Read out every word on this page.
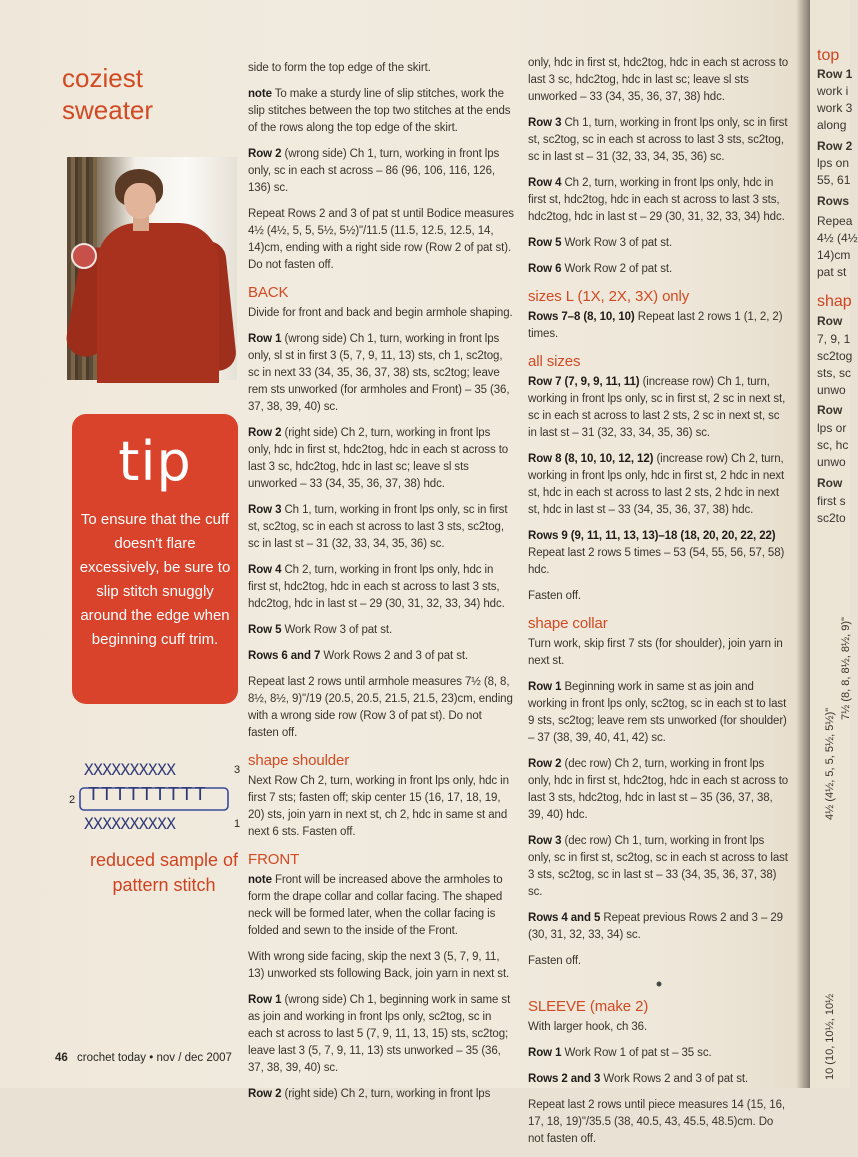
coziest
sweater
tip
To ensure that the cuff doesn't flare excessively, be sure to slip stitch snuggly around the edge when beginning cuff trim.
XXXXXXXXXX
TTTTTTTTT
XXXXXXXXXX
3
2
1
reduced sample of pattern stitch

side to form the top edge of the skirt.

note To make a sturdy line of slip stitches, work the slip stitches between the top two stitches at the ends of the rows along the top edge of the skirt.

Row 2 (wrong side) Ch 1, turn, working in front lps only, sc in each st across – 86 (96, 106, 116, 126, 136) sc.

Repeat Rows 2 and 3 of pat st until Bodice measures 4½ (4½, 5, 5, 5½, 5½)"/11.5 (11.5, 12.5, 12.5, 14, 14)cm, ending with a right side row (Row 2 of pat st). Do not fasten off.

BACK

Divide for front and back and begin armhole shaping.

Row 1 (wrong side) Ch 1, turn, working in front lps only, sl st in first 3 (5, 7, 9, 11, 13) sts, ch 1, sc2tog, sc in next 33 (34, 35, 36, 37, 38) sts, sc2tog; leave rem sts unworked (for armholes and Front) – 35 (36, 37, 38, 39, 40) sc.

Row 2 (right side) Ch 2, turn, working in front lps only, hdc in first st, hdc2tog, hdc in each st across to last 3 sc, hdc2tog, hdc in last sc; leave sl sts unworked – 33 (34, 35, 36, 37, 38) hdc.

Row 3 Ch 1, turn, working in front lps only, sc in first st, sc2tog, sc in each st across to last 3 sts, sc2tog, sc in last st – 31 (32, 33, 34, 35, 36) sc.

Row 4 Ch 2, turn, working in front lps only, hdc in first st, hdc2tog, hdc in each st across to last 3 sts, hdc2tog, hdc in last st – 29 (30, 31, 32, 33, 34) hdc.

Row 5 Work Row 3 of pat st.

Rows 6 and 7 Work Rows 2 and 3 of pat st.

Repeat last 2 rows until armhole measures 7½ (8, 8, 8½, 8½, 9)"/19 (20.5, 20.5, 21.5, 21.5, 23)cm, ending with a wrong side row (Row 3 of pat st). Do not fasten off.

shape shoulder

Next Row Ch 2, turn, working in front lps only, hdc in first 7 sts; fasten off; skip center 15 (16, 17, 18, 19, 20) sts, join yarn in next st, ch 2, hdc in same st and next 6 sts. Fasten off.

FRONT

note Front will be increased above the armholes to form the drape collar and collar facing. The shaped neck will be formed later, when the collar facing is folded and sewn to the inside of the Front.

With wrong side facing, skip the next 3 (5, 7, 9, 11, 13) unworked sts following Back, join yarn in next st.

Row 1 (wrong side) Ch 1, beginning work in same st as join and working in front lps only, sc2tog, sc in each st across to last 5 (7, 9, 11, 13, 15) sts, sc2tog; leave last 3 (5, 7, 9, 11, 13) sts unworked – 35 (36, 37, 38, 39, 40) sc.

Row 2 (right side) Ch 2, turn, working in front lps

only, hdc in first st, hdc2tog, hdc in each st across to last 3 sc, hdc2tog, hdc in last sc; leave sl sts unworked – 33 (34, 35, 36, 37, 38) hdc.

Row 3 Ch 1, turn, working in front lps only, sc in first st, sc2tog, sc in each st across to last 3 sts, sc2tog, sc in last st – 31 (32, 33, 34, 35, 36) sc.

Row 4 Ch 2, turn, working in front lps only, hdc in first st, hdc2tog, hdc in each st across to last 3 sts, hdc2tog, hdc in last st – 29 (30, 31, 32, 33, 34) hdc.

Row 5 Work Row 3 of pat st.

Row 6 Work Row 2 of pat st.

sizes L (1X, 2X, 3X) only

Rows 7–8 (8, 10, 10) Repeat last 2 rows 1 (1, 2, 2) times.

all sizes

Row 7 (7, 9, 9, 11, 11) (increase row) Ch 1, turn, working in front lps only, sc in first st, 2 sc in next st, sc in each st across to last 2 sts, 2 sc in next st, sc in last st – 31 (32, 33, 34, 35, 36) sc.

Row 8 (8, 10, 10, 12, 12) (increase row) Ch 2, turn, working in front lps only, hdc in first st, 2 hdc in next st, hdc in each st across to last 2 sts, 2 hdc in next st, hdc in last st – 33 (34, 35, 36, 37, 38) hdc.

Rows 9 (9, 11, 11, 13, 13)–18 (18, 20, 20, 22, 22) Repeat last 2 rows 5 times – 53 (54, 55, 56, 57, 58) hdc.

Fasten off.

shape collar

Turn work, skip first 7 sts (for shoulder), join yarn in next st.

Row 1 Beginning work in same st as join and working in front lps only, sc2tog, sc in each st to last 9 sts, sc2tog; leave rem sts unworked (for shoulder) – 37 (38, 39, 40, 41, 42) sc.

Row 2 (dec row) Ch 2, turn, working in front lps only, hdc in first st, hdc2tog, hdc in each st across to last 3 sts, hdc2tog, hdc in last st – 35 (36, 37, 38, 39, 40) hdc.

Row 3 (dec row) Ch 1, turn, working in front lps only, sc in first st, sc2tog, sc in each st across to last 3 sts, sc2tog, sc in last st – 33 (34, 35, 36, 37, 38) sc.

Rows 4 and 5 Repeat previous Rows 2 and 3 – 29 (30, 31, 32, 33, 34) sc.

Fasten off.

•
SLEEVE (make 2)

With larger hook, ch 36.

Row 1 Work Row 1 of pat st – 35 sc.

Rows 2 and 3 Work Rows 2 and 3 of pat st.

Repeat last 2 rows until piece measures 14 (15, 16, 17, 18, 19)"/35.5 (38, 40.5, 43, 45.5, 48.5)cm. Do not fasten off.

46 crochet today • nov / dec 2007
top
Row 1
work i
work 3
along
Row 2
lps on
55, 61
Rows
Repea
4½ (4½
14)cm
pat st
shap
Row
7, 9, 1
sc2tog
sts, sc
unwo
Row
lps or
sc, hc
unwo
Row
first s
sc2to
4½ (4½, 5, 5, 5½, 5½)"
7½ (8, 8, 8½, 8½, 9)"
10 (10, 10½, 10½
